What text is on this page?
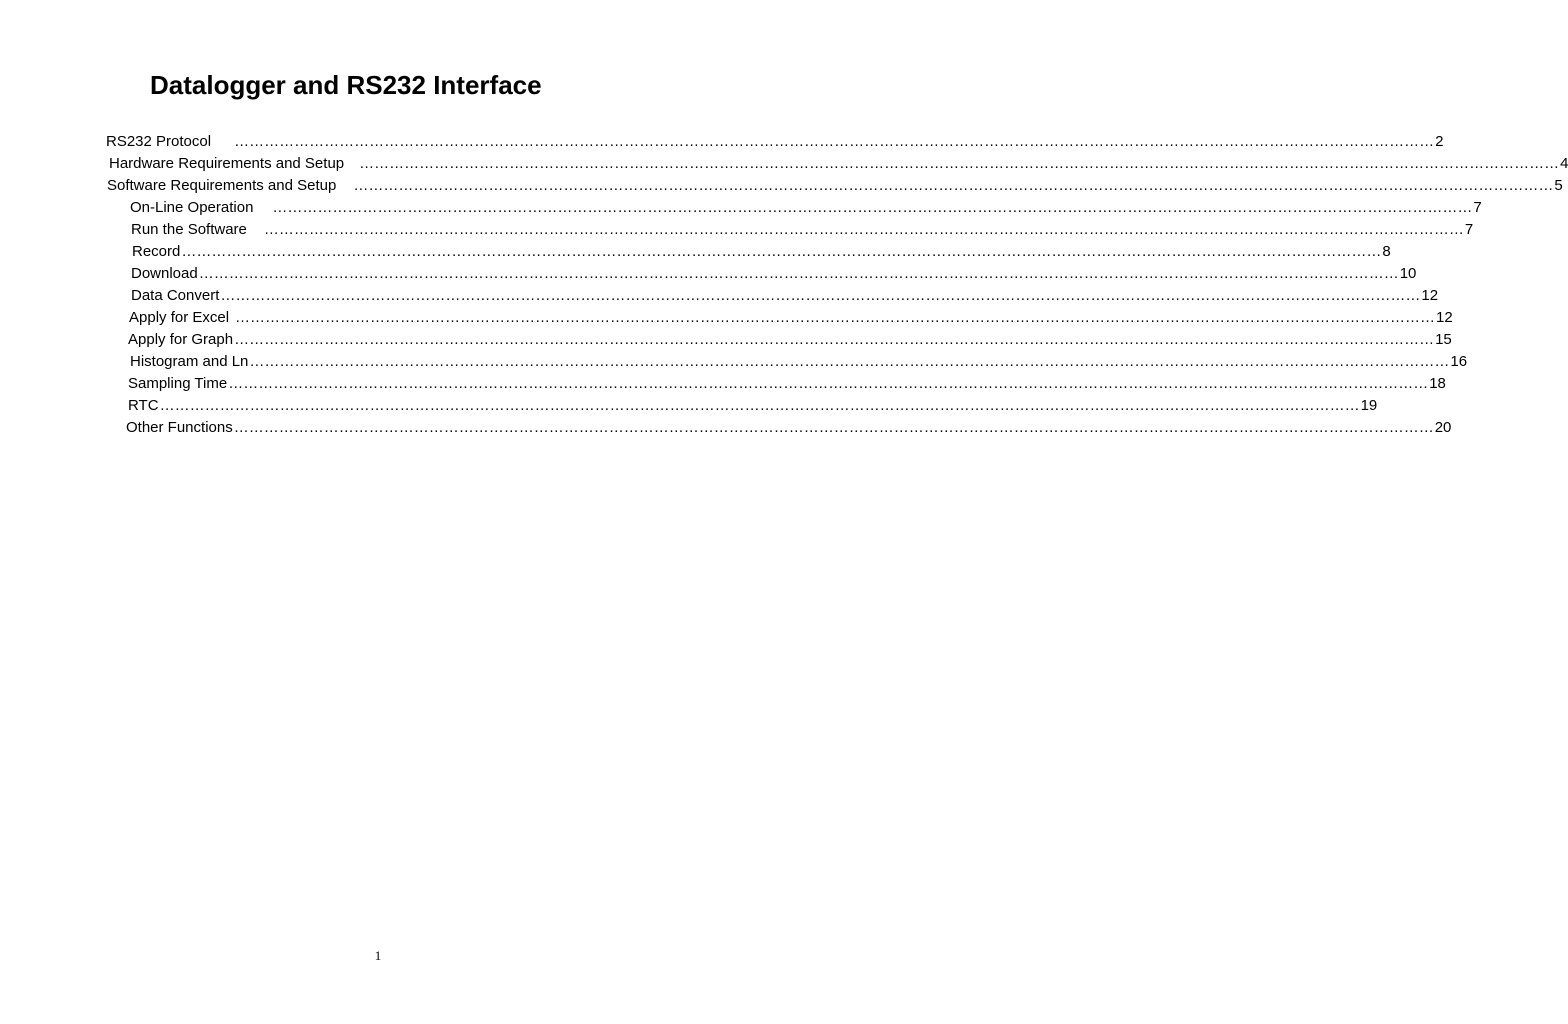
Datalogger and RS232 Interface
RS232 Protocol …………………………………………………………………………………………………………………………………………………………………………………………………………………… 2
Hardware Requirements and Setup …………………………………………………………………………………………………………………………………………………………………………………………………………………… 4
Software Requirements and Setup …………………………………………………………………………………………………………………………………………………………………………………………………………………… 5
On-Line Operation …………………………………………………………………………………………………………………………………………………………………………………………………………………… 7
Run the Software …………………………………………………………………………………………………………………………………………………………………………………………………………………… 7
Record …………………………………………………………………………………………………………………………………………………………………………………………………………………… 8
Download …………………………………………………………………………………………………………………………………………………………………………………………………………………… 10
Data Convert …………………………………………………………………………………………………………………………………………………………………………………………………………………… 12
Apply for Excel …………………………………………………………………………………………………………………………………………………………………………………………………………………… 12
Apply for Graph …………………………………………………………………………………………………………………………………………………………………………………………………………………… 15
Histogram and Ln …………………………………………………………………………………………………………………………………………………………………………………………………………………… 16
Sampling Time …………………………………………………………………………………………………………………………………………………………………………………………………………………… 18
RTC …………………………………………………………………………………………………………………………………………………………………………………………………………………… 19
Other Functions …………………………………………………………………………………………………………………………………………………………………………………………………………………… 20
1
